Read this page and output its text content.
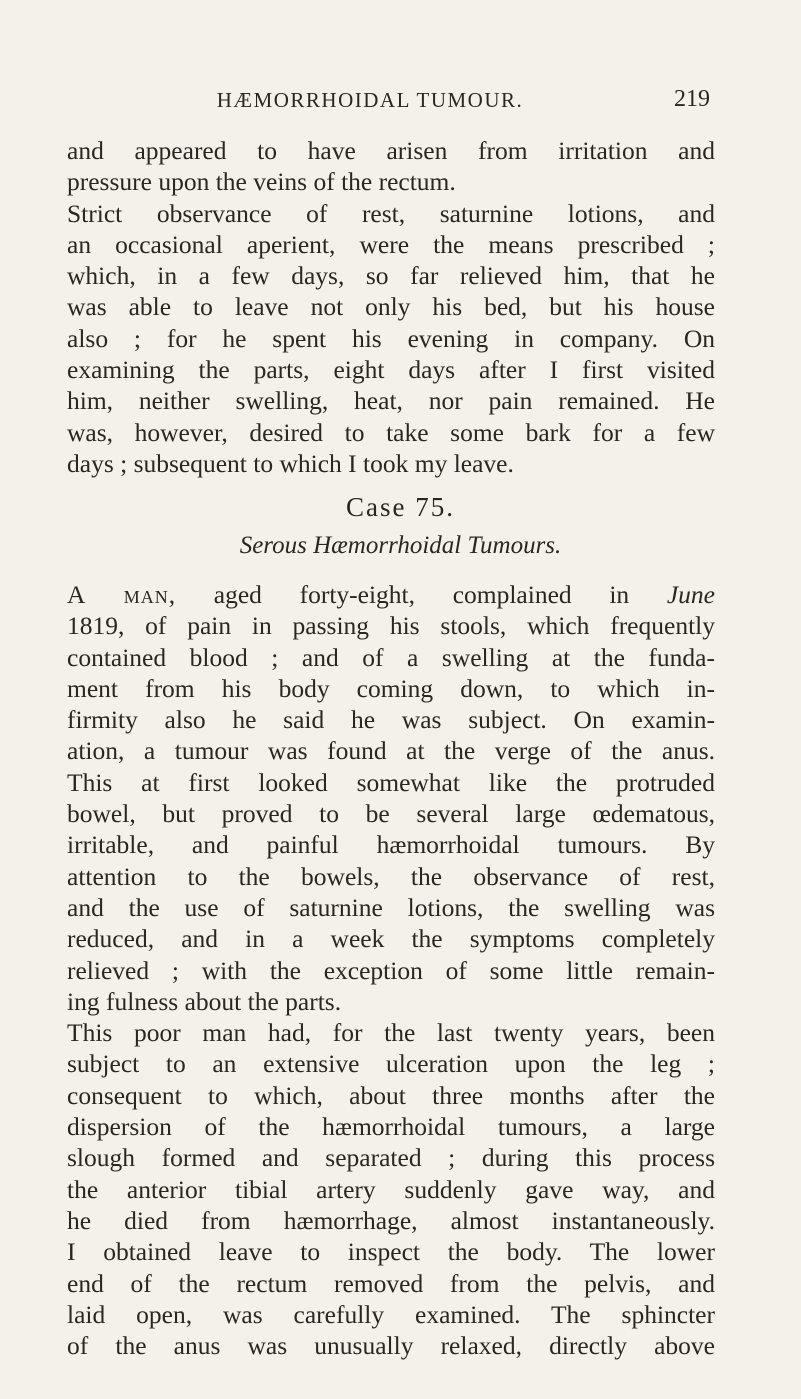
HÆMORRHOIDAL TUMOUR.	219
and appeared to have arisen from irritation and
pressure upon the veins of the rectum.
Strict observance of rest, saturnine lotions, and
an occasional aperient, were the means prescribed ;
which, in a few days, so far relieved him, that he
was able to leave not only his bed, but his house
also ; for he spent his evening in company. On
examining the parts, eight days after I first visited
him, neither swelling, heat, nor pain remained. He
was, however, desired to take some bark for a few
days ; subsequent to which I took my leave.
Case 75.
Serous Hæmorrhoidal Tumours.
A man, aged forty-eight, complained in June
1819, of pain in passing his stools, which frequently
contained blood ; and of a swelling at the funda-
ment from his body coming down, to which in-
firmity also he said he was subject. On examin-
ation, a tumour was found at the verge of the anus.
This at first looked somewhat like the protruded
bowel, but proved to be several large œdematous,
irritable, and painful hæmorrhoidal tumours. By
attention to the bowels, the observance of rest,
and the use of saturnine lotions, the swelling was
reduced, and in a week the symptoms completely
relieved ; with the exception of some little remain-
ing fulness about the parts.
This poor man had, for the last twenty years, been
subject to an extensive ulceration upon the leg ;
consequent to which, about three months after the
dispersion of the hæmorrhoidal tumours, a large
slough formed and separated ; during this process
the anterior tibial artery suddenly gave way, and
he died from hæmorrhage, almost instantaneously.
I obtained leave to inspect the body. The lower
end of the rectum removed from the pelvis, and
laid open, was carefully examined. The sphincter
of the anus was unusually relaxed, directly above
